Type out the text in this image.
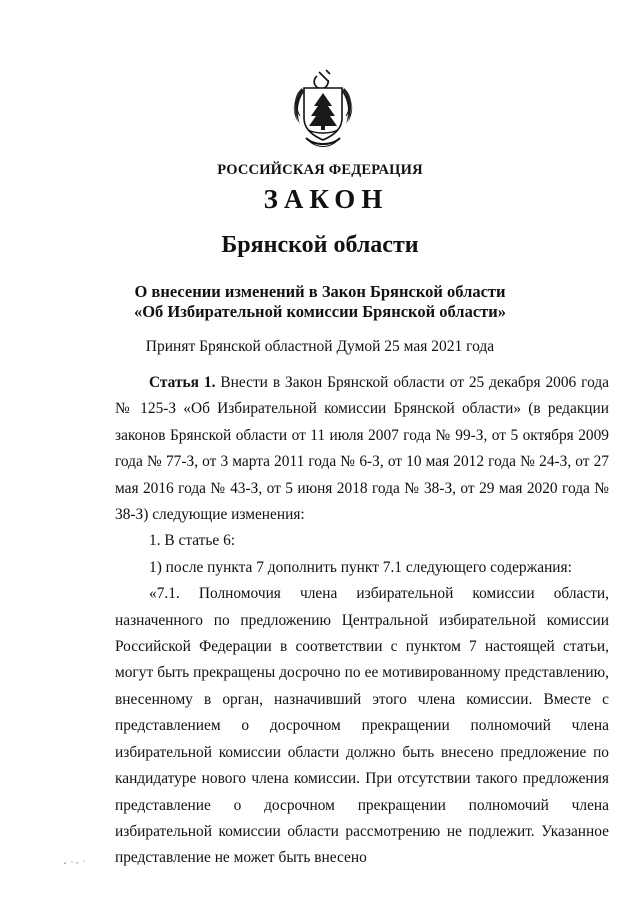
РОССИЙСКАЯ ФЕДЕРАЦИЯ
ЗАКОН
Брянской области
О внесении изменений в Закон Брянской области
«Об Избирательной комиссии Брянской области»
Принят Брянской областной Думой 25 мая 2021 года

Статья 1. Внести в Закон Брянской области от 25 декабря 2006 года № 125-З «Об Избирательной комиссии Брянской области» (в редакции законов Брянской области от 11 июля 2007 года № 99-З, от 5 октября 2009 года № 77-З, от 3 марта 2011 года № 6-З, от 10 мая 2012 года № 24-З, от 27 мая 2016 года № 43-З, от 5 июня 2018 года № 38-З, от 29 мая 2020 года № 38-З) следующие изменения:

1. В статье 6:

1) после пункта 7 дополнить пункт 7.1 следующего содержания:

«7.1. Полномочия члена избирательной комиссии области, назначенного по предложению Центральной избирательной комиссии Российской Федерации в соответствии с пунктом 7 настоящей статьи, могут быть прекращены досрочно по ее мотивированному представлению, внесенному в орган, назначивший этого члена комиссии. Вместе с представлением о досрочном прекращении полномочий члена избирательной комиссии области должно быть внесено предложение по кандидатуре нового члена комиссии. При отсутствии такого предложения представление о досрочном прекращении полномочий члена избирательной комиссии области рассмотрению не подлежит. Указанное представление не может быть внесено
